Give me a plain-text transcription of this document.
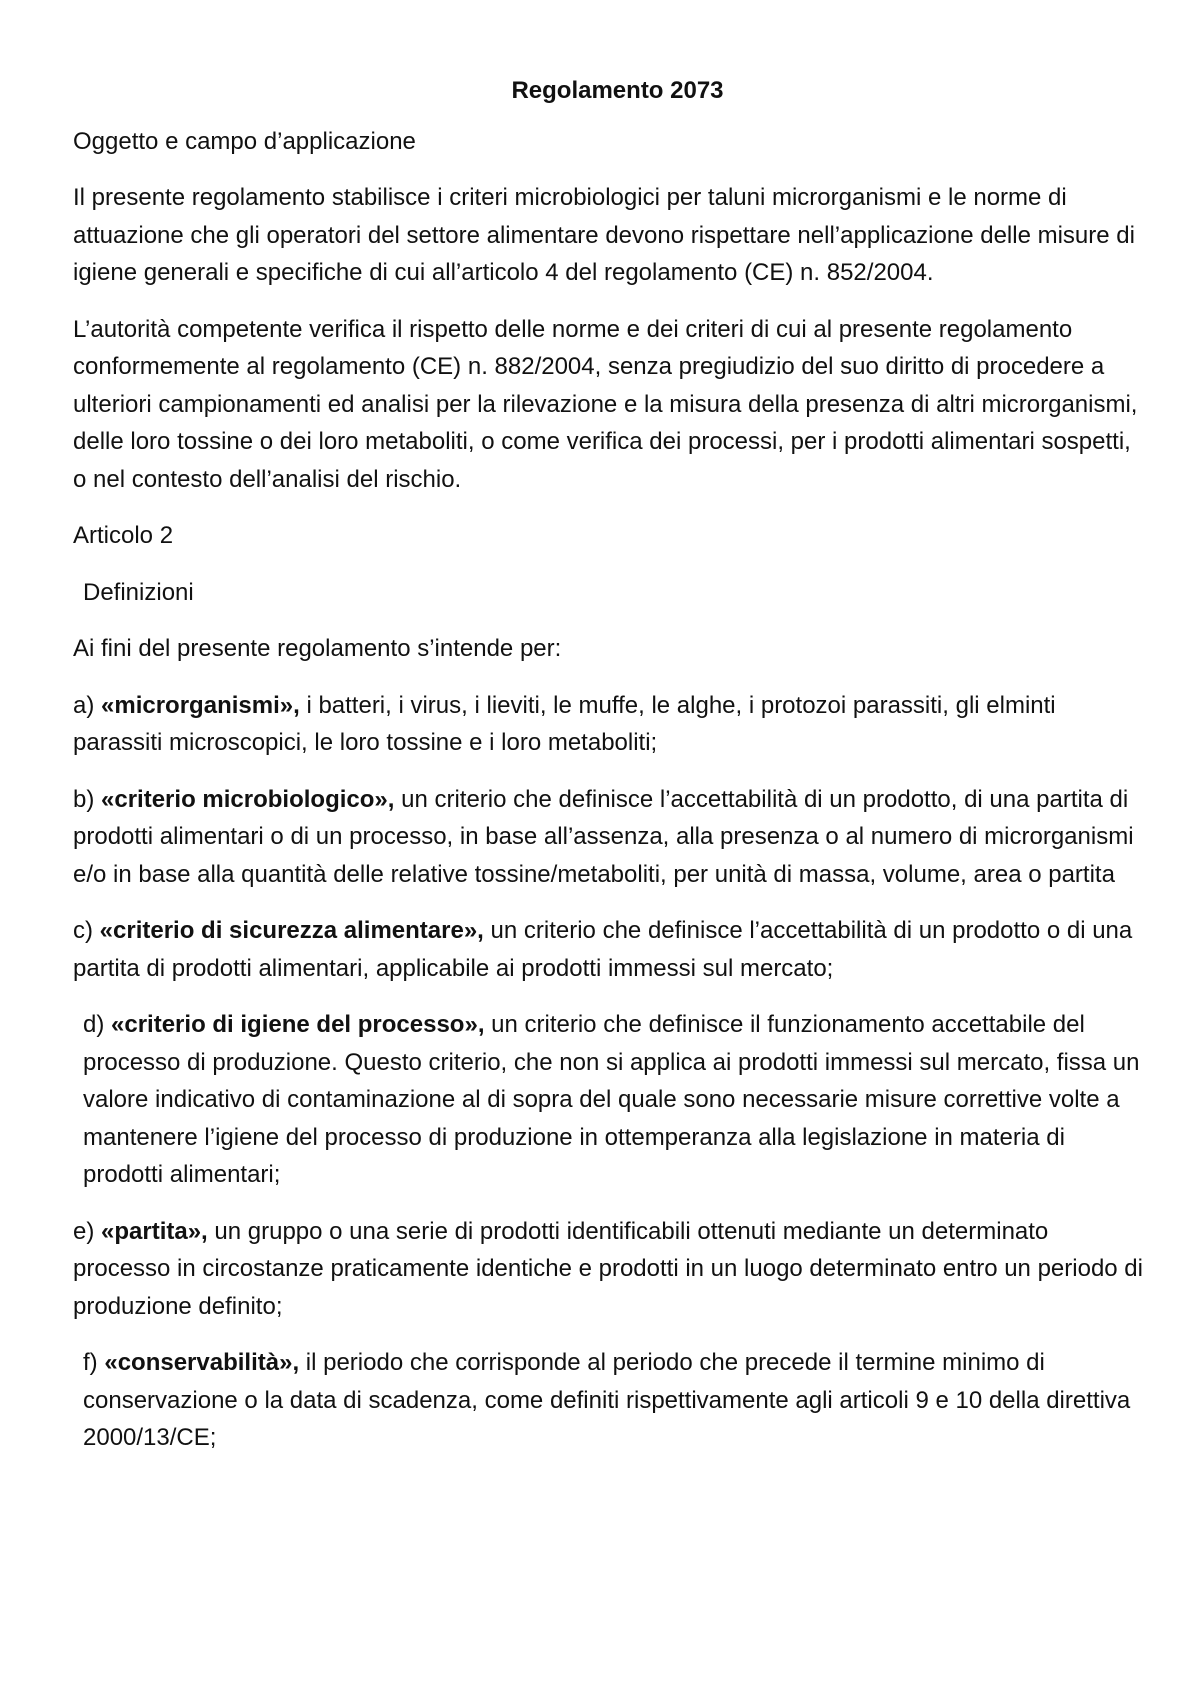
Regolamento 2073
Oggetto e campo d’applicazione
Il presente regolamento stabilisce i criteri microbiologici per taluni microrganismi e le norme di attuazione che gli operatori del settore alimentare devono rispettare nell’applicazione delle misure di igiene generali e specifiche di cui all’articolo 4 del regolamento (CE) n. 852/2004.
L’autorità competente verifica il rispetto delle norme e dei criteri di cui al presente regolamento conformemente al regolamento (CE) n. 882/2004, senza pregiudizio del suo diritto di procedere a ulteriori campionamenti ed analisi per la rilevazione e la misura della presenza di altri microrganismi, delle loro tossine o dei loro metaboliti, o come verifica dei processi, per i prodotti alimentari sospetti, o nel contesto dell’analisi del rischio.
Articolo 2
Definizioni
Ai fini del presente regolamento s’intende per:
a) «microrganismi», i batteri, i virus, i lieviti, le muffe, le alghe, i protozoi parassiti, gli elminti parassiti microscopici, le loro tossine e i loro metaboliti;
b) «criterio microbiologico», un criterio che definisce l’accettabilità di un prodotto, di una partita di prodotti alimentari o di un processo, in base all’assenza, alla presenza o al numero di microrganismi e/o in base alla quantità delle relative tossine/metaboliti, per unità di massa, volume, area o partita
c) «criterio di sicurezza alimentare», un criterio che definisce l’accettabilità di un prodotto o di una partita di prodotti alimentari, applicabile ai prodotti immessi sul mercato;
d) «criterio di igiene del processo», un criterio che definisce il funzionamento accettabile del processo di produzione. Questo criterio, che non si applica ai prodotti immessi sul mercato, fissa un valore indicativo di contaminazione al di sopra del quale sono necessarie misure correttive volte a mantenere l’igiene del processo di produzione in ottemperanza alla legislazione in materia di prodotti alimentari;
e) «partita», un gruppo o una serie di prodotti identificabili ottenuti mediante un determinato processo in circostanze praticamente identiche e prodotti in un luogo determinato entro un periodo di produzione definito;
f) «conservabilità», il periodo che corrisponde al periodo che precede il termine minimo di conservazione o la data di scadenza, come definiti rispettivamente agli articoli 9 e 10 della direttiva 2000/13/CE;
